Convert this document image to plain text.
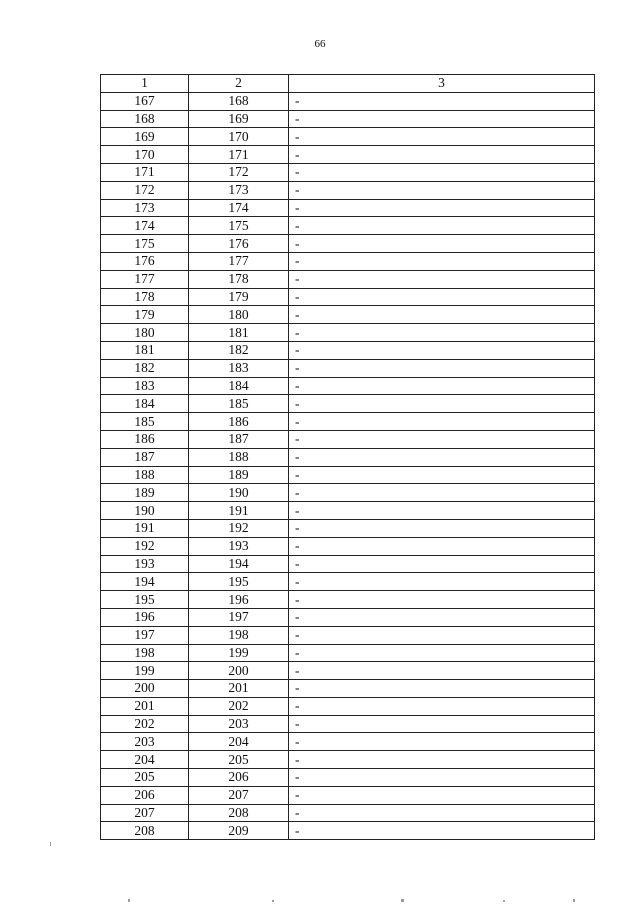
66
1	2	3
167	168	-
168	169	-
169	170	-
170	171	-
171	172	-
172	173	-
173	174	-
174	175	-
175	176	-
176	177	-
177	178	-
178	179	-
179	180	-
180	181	-
181	182	-
182	183	-
183	184	-
184	185	-
185	186	-
186	187	-
187	188	-
188	189	-
189	190	-
190	191	-
191	192	-
192	193	-
193	194	-
194	195	-
195	196	-
196	197	-
197	198	-
198	199	-
199	200	-
200	201	-
201	202	-
202	203	-
203	204	-
204	205	-
205	206	-
206	207	-
207	208	-
208	209	-
